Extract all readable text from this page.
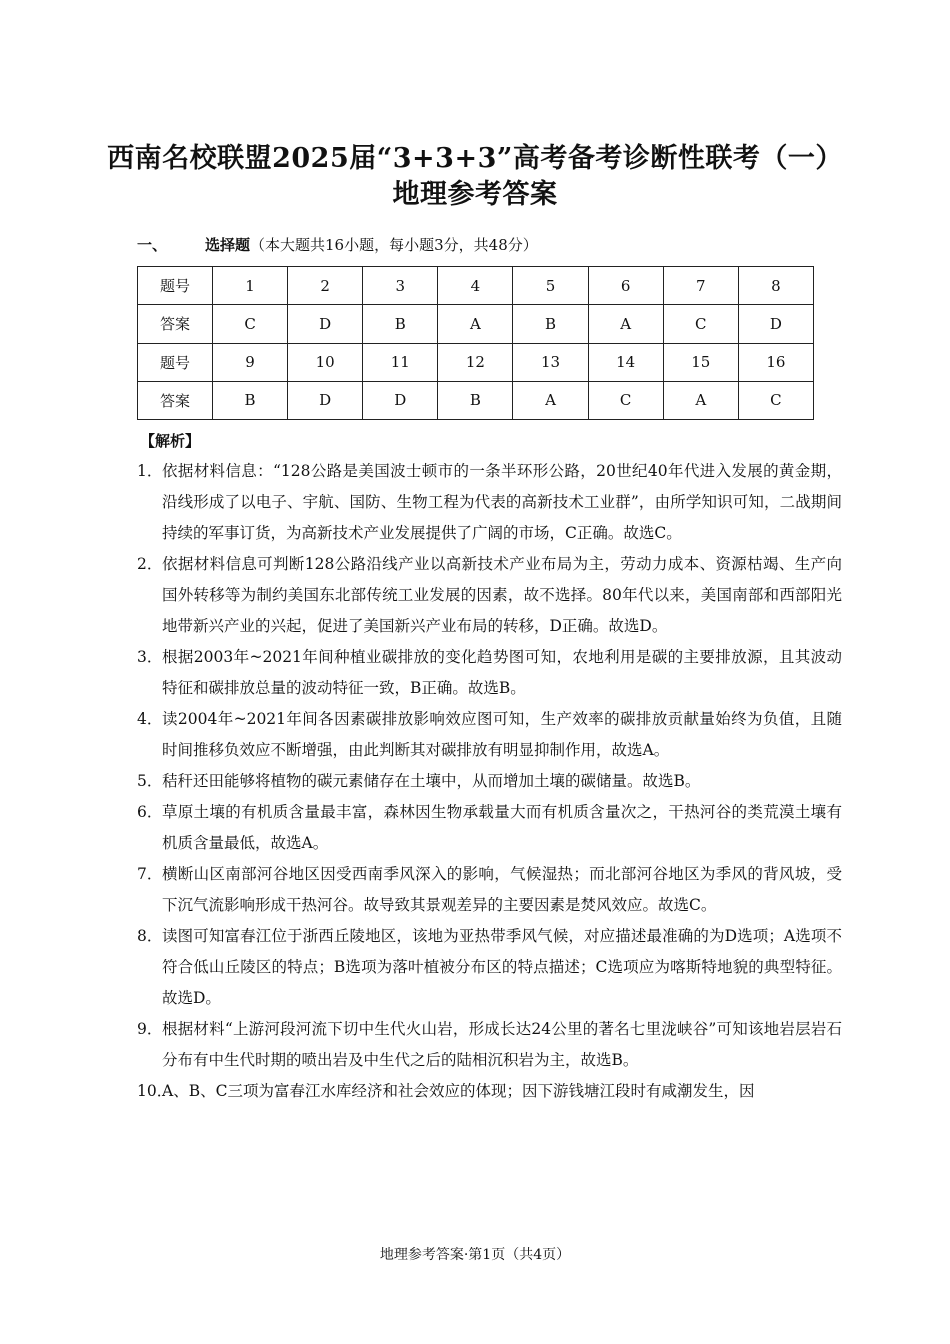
西南名校联盟2025届“3+3+3”高考备考诊断性联考（一）
地理参考答案
一、	选择题（本大题共16小题，每小题3分，共48分）
题号	1	2	3	4	5	6	7	8
答案	C	D	B	A	B	A	C	D
题号	9	10	11	12	13	14	15	16
答案	B	D	D	B	A	C	A	C
【解析】
1． 依据材料信息：“128公路是美国波士顿市的一条半环形公路，20世纪40年代进入发展的黄金期，沿线形成了以电子、宇航、国防、生物工程为代表的高新技术工业群”，由所学知识可知，二战期间持续的军事订货，为高新技术产业发展提供了广阔的市场，C正确。故选C。
2． 依据材料信息可判断128公路沿线产业以高新技术产业布局为主，劳动力成本、资源枯竭、生产向国外转移等为制约美国东北部传统工业发展的因素，故不选择。80年代以来，美国南部和西部阳光地带新兴产业的兴起，促进了美国新兴产业布局的转移，D正确。故选D。
3． 根据2003年~2021年间种植业碳排放的变化趋势图可知，农地利用是碳的主要排放源，且其波动特征和碳排放总量的波动特征一致，B正确。故选B。
4． 读2004年~2021年间各因素碳排放影响效应图可知，生产效率的碳排放贡献量始终为负值，且随时间推移负效应不断增强，由此判断其对碳排放有明显抑制作用，故选A。
5． 秸秆还田能够将植物的碳元素储存在土壤中，从而增加土壤的碳储量。故选B。
6． 草原土壤的有机质含量最丰富，森林因生物承载量大而有机质含量次之，干热河谷的类荒漠土壤有机质含量最低，故选A。
7． 横断山区南部河谷地区因受西南季风深入的影响，气候湿热；而北部河谷地区为季风的背风坡，受下沉气流影响形成干热河谷。故导致其景观差异的主要因素是焚风效应。故选C。
8． 读图可知富春江位于浙西丘陵地区，该地为亚热带季风气候，对应描述最准确的为D选项；A选项不符合低山丘陵区的特点；B选项为落叶植被分布区的特点描述；C选项应为喀斯特地貌的典型特征。故选D。
9． 根据材料“上游河段河流下切中生代火山岩，形成长达24公里的著名七里泷峡谷”可知该地岩层岩石分布有中生代时期的喷出岩及中生代之后的陆相沉积岩为主，故选B。
10．
A、B、C三项为富春江水库经济和社会效应的体现；因下游钱塘江段时有咸潮发生，因
地理参考答案·第1页（共4页）
